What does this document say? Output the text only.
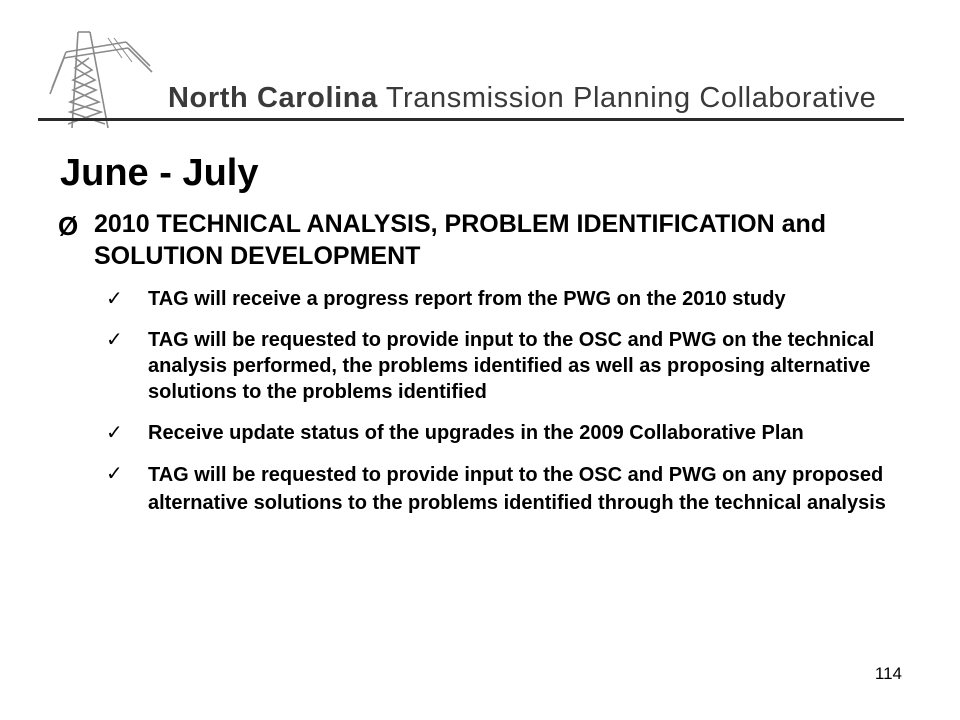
North Carolina Transmission Planning Collaborative
June - July
Ø 2010 TECHNICAL ANALYSIS, PROBLEM IDENTIFICATION and SOLUTION DEVELOPMENT
✓ TAG will receive a progress report from the PWG on the 2010 study
✓ TAG will be requested to provide input to the OSC and PWG on the technical analysis performed, the problems identified as well as proposing alternative solutions to the problems identified
✓ Receive update status of the upgrades in the 2009 Collaborative Plan
✓ TAG will be requested to provide input to the OSC and PWG on any proposed alternative solutions to the problems identified through the technical analysis
114
